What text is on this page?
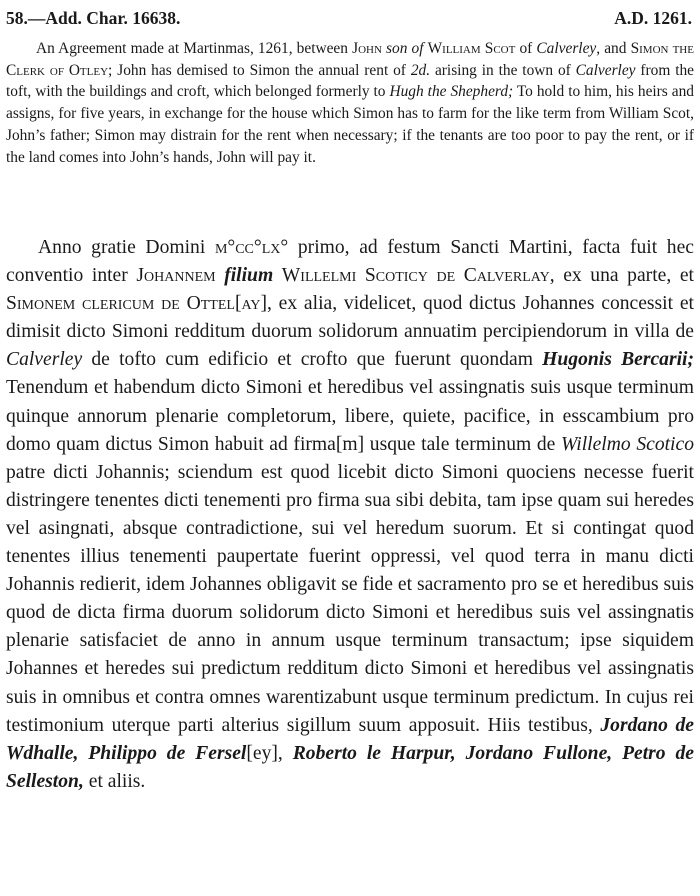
58.—Add. Char. 16638.	A.D. 1261.

An Agreement made at Martinmas, 1261, between John son of William Scot of Calverley, and Simon the Clerk of Otley; John has demised to Simon the annual rent of 2d. arising in the town of Calverley from the toft, with the buildings and croft, which belonged formerly to Hugh the Shepherd; To hold to him, his heirs and assigns, for five years, in exchange for the house which Simon has to farm for the like term from William Scot, John’s father; Simon may distrain for the rent when necessary; if the tenants are too poor to pay the rent, or if the land comes into John’s hands, John will pay it.

Anno gratie Domini m°cc°lx° primo, ad festum Sancti Martini, facta fuit hec conventio inter Johannem filium Willelmi Scoticy de Calverlay, ex una parte, et Simonem clericum de Ottel[ay], ex alia, videlicet, quod dictus Johannes concessit et dimisit dicto Simoni redditum duorum solidorum annuatim percipiendorum in villa de Calverley de tofto cum edificio et crofto que fuerunt quondam Hugonis Bercarii; Tenendum et habendum dicto Simoni et heredibus vel assingnatis suis usque terminum quinque annorum plenarie completorum, libere, quiete, pacifice, in esscambium pro domo quam dictus Simon habuit ad firma[m] usque tale terminum de Willelmo Scotico patre dicti Johannis; sciendum est quod licebit dicto Simoni quociens necesse fuerit distringere tenentes dicti tenementi pro firma sua sibi debita, tam ipse quam sui heredes vel asingnati, absque contradictione, sui vel heredum suorum. Et si contingat quod tenentes illius tenementi paupertate fuerint oppressi, vel quod terra in manu dicti Johannis redierit, idem Johannes obligavit se fide et sacramento pro se et heredibus suis quod de dicta firma duorum solidorum dicto Simoni et heredibus suis vel assingnatis plenarie satisfaciet de anno in annum usque terminum transactum; ipse siquidem Johannes et heredes sui predictum redditum dicto Simoni et heredibus vel assingnatis suis in omnibus et contra omnes warentizabunt usque terminum predictum. In cujus rei testimonium uterque parti alterius sigillum suum apposuit. Hiis testibus, Jordano de Wdhalle, Philippo de Fersel[ey], Roberto le Harpur, Jordano Fullone, Petro de Selleston, et aliis.
